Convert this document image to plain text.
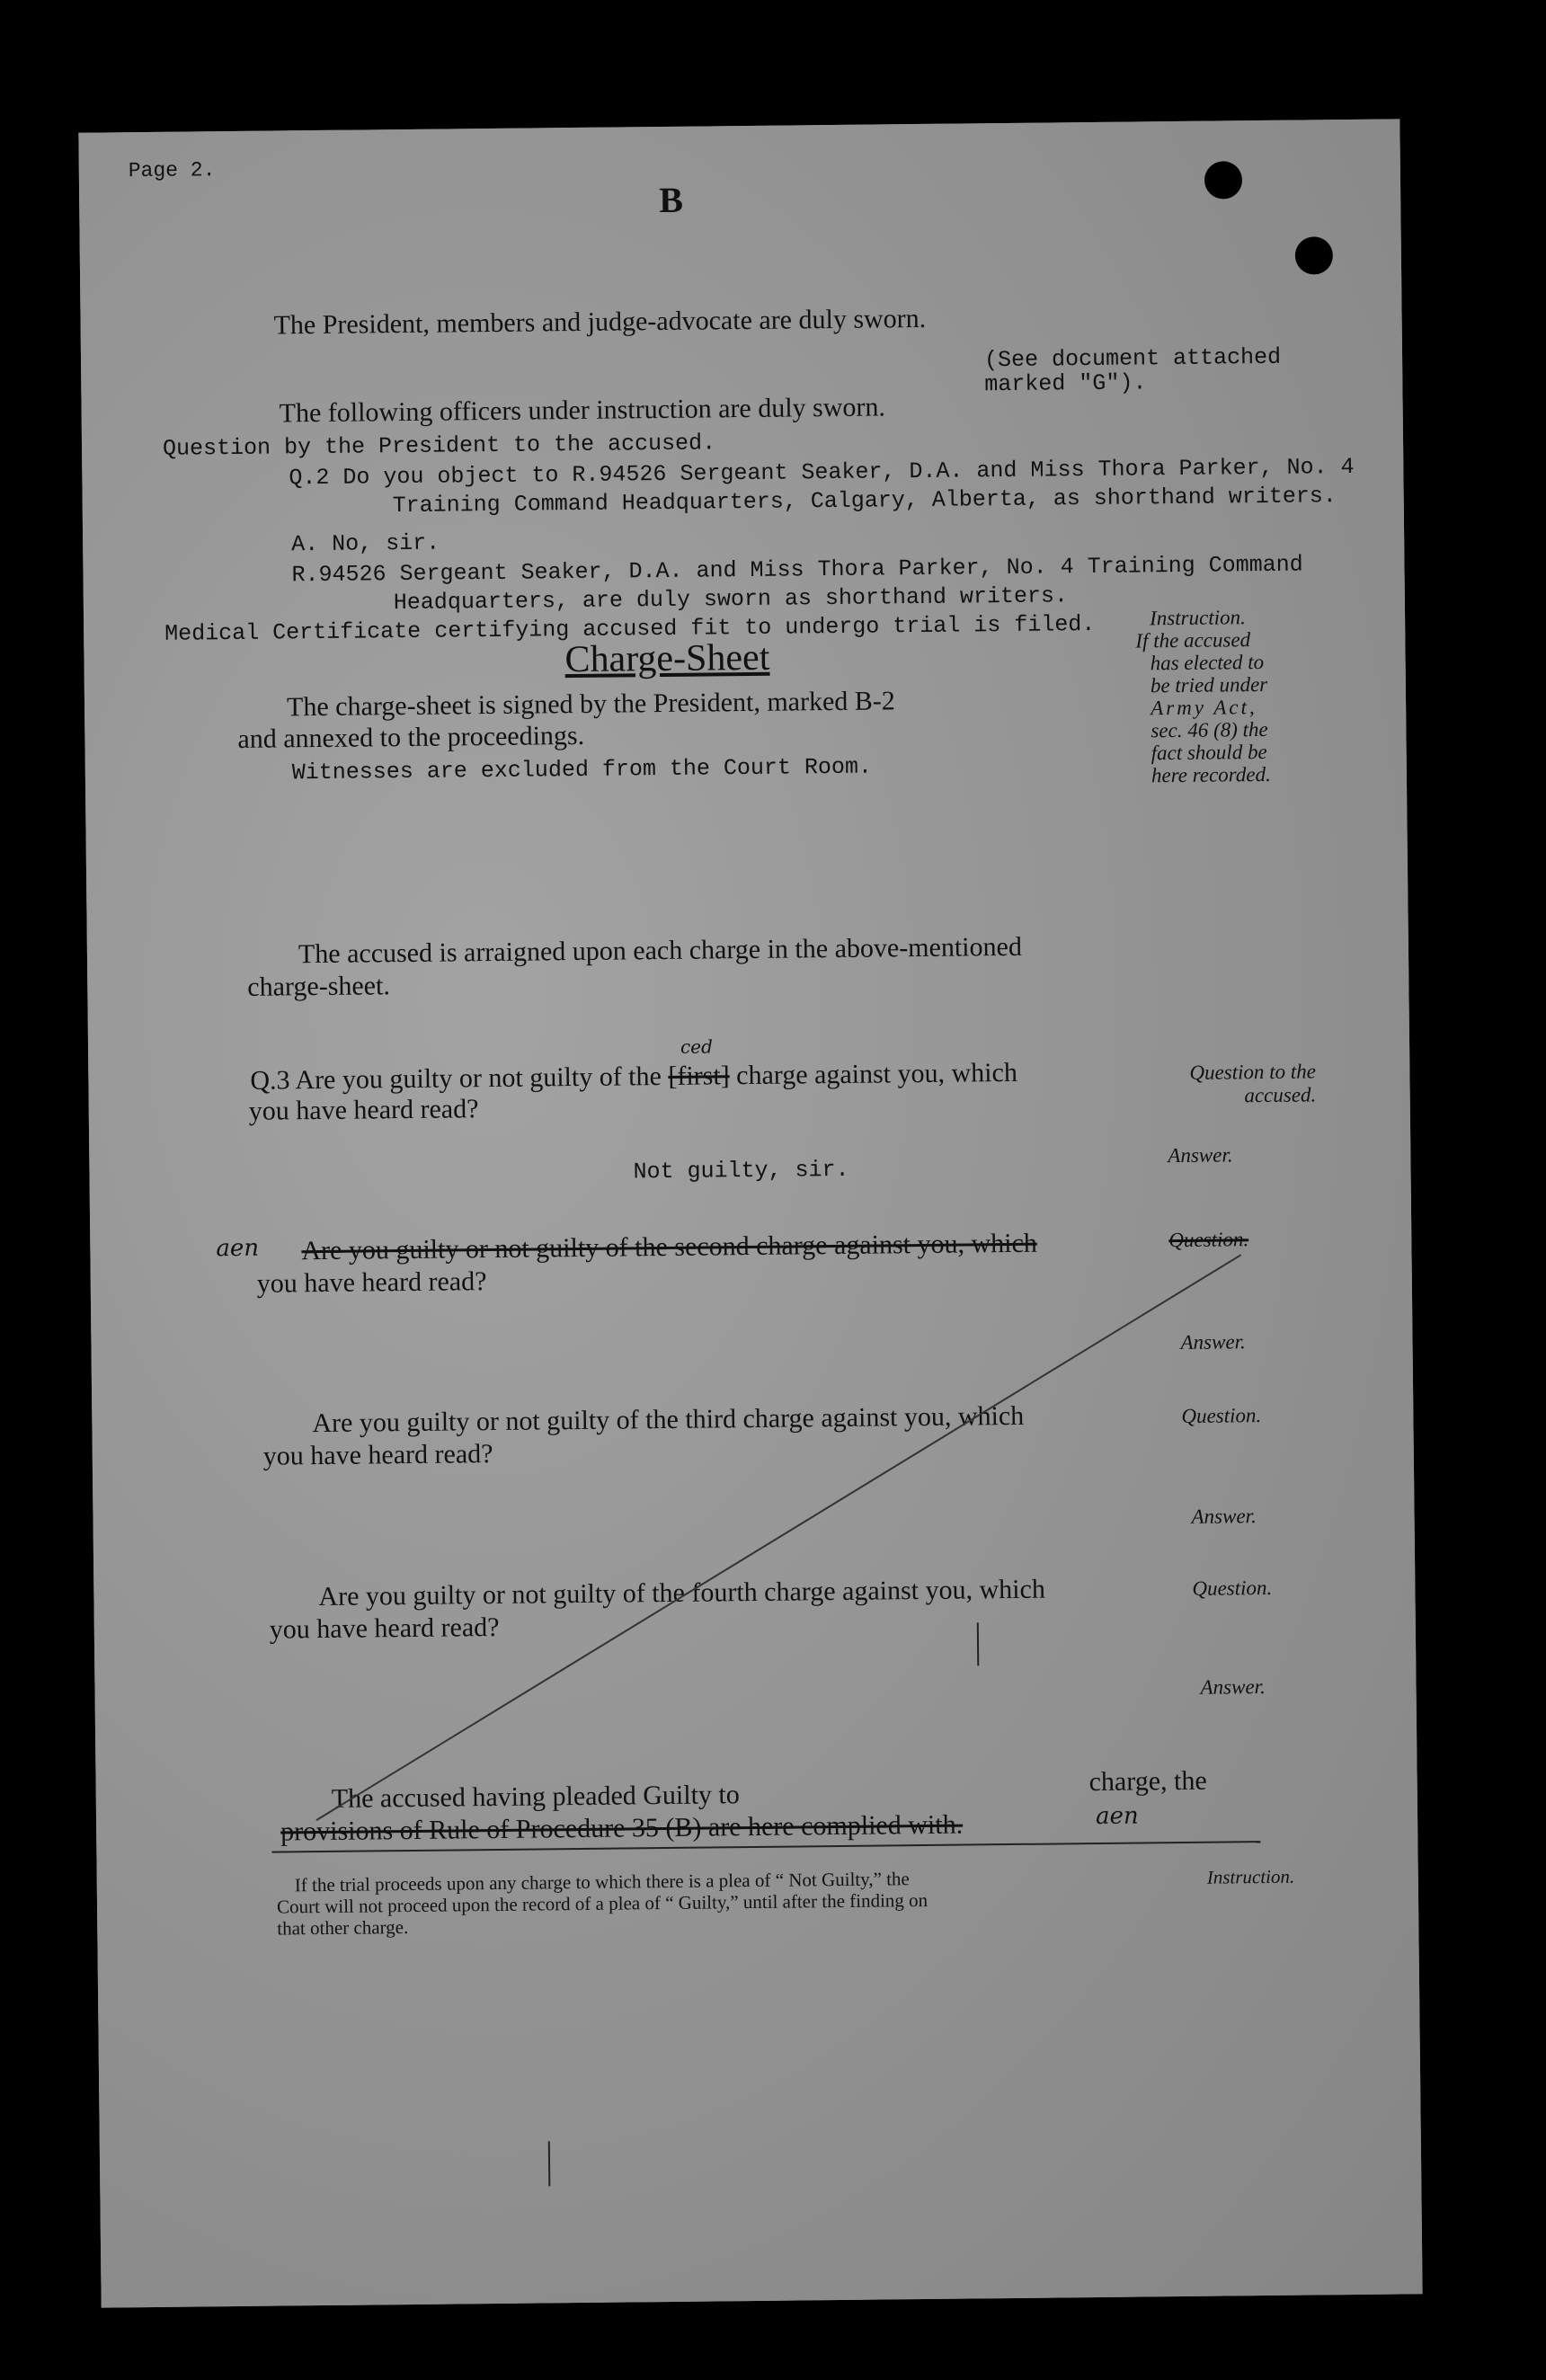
Page 2.
B
The President, members and judge-advocate are duly sworn.
(See document attached
marked "G").
The following officers under instruction are duly sworn.
Question by the President to the accused.
Q.2 Do you object to R.94526 Sergeant Seaker, D.A. and Miss Thora Parker, No. 4
Training Command Headquarters, Calgary, Alberta, as shorthand writers.
A. No, sir.
R.94526 Sergeant Seaker, D.A. and Miss Thora Parker, No. 4 Training Command
Headquarters, are duly sworn as shorthand writers.
Medical Certificate certifying accused fit to undergo trial is filed.
Charge-Sheet
Instruction.
If the accused
has elected to
be tried under
Army Act,
sec. 46 (8) the
fact should be
here recorded.
The charge-sheet is signed by the President, marked B-2
and annexed to the proceedings.
Witnesses are excluded from the Court Room.
The accused is arraigned upon each charge in the above-mentioned
charge-sheet.
Q.3 Are you guilty or not guilty of the [first]
ced
charge against you, which
you have heard read?
Question to the
accused.
Not guilty, sir.
Answer.
aen Are you guilty or not guilty of the second charge against you, which	Question.
you have heard read?
Answer.
Are you guilty or not guilty of the third charge against you, which	Question.
you have heard read?
Answer.
Are you guilty or not guilty of the fourth charge against you, which	Question.
you have heard read?
Answer.
The accused having pleaded Guilty to	charge, the
provisions of Rule of Procedure 35 (B) are here complied with.	aen
If the trial proceeds upon any charge to which there is a plea of “ Not Guilty,” the
Court will not proceed upon the record of a plea of “ Guilty,” until after the finding on
that other charge.
Instruction.
